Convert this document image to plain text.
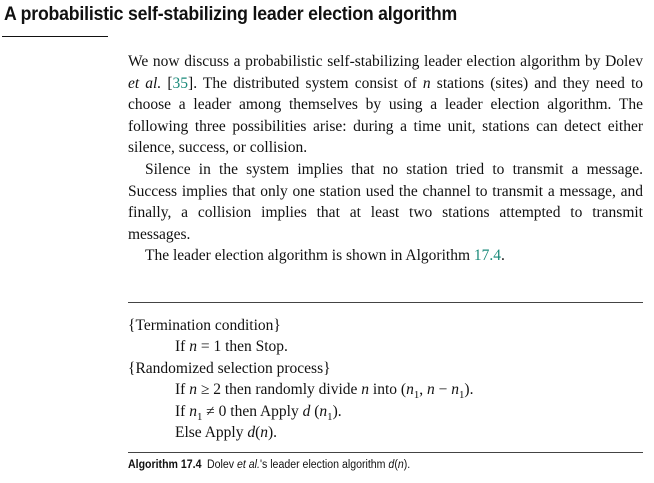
A probabilistic self-stabilizing leader election algorithm

We now discuss a probabilistic self-stabilizing leader election algorithm by Dolev et al. [35]. The distributed system consist of n stations (sites) and they need to choose a leader among themselves by using a leader election algorithm. The following three possibilities arise: during a time unit, stations can detect either silence, success, or collision.

Silence in the system implies that no station tried to transmit a message. Success implies that only one station used the channel to transmit a message, and finally, a collision implies that at least two stations attempted to transmit messages.

The leader election algorithm is shown in Algorithm 17.4.

{Termination condition}
If n = 1 then Stop.
{Randomized selection process}
If n ≥ 2 then randomly divide n into ($n_1$, $n - n_1$).
If $n_1 \ne 0$ then Apply d $(n_1)$.
Else Apply d(n).
Algorithm 17.4 Dolev et al.'s leader election algorithm d(n).
